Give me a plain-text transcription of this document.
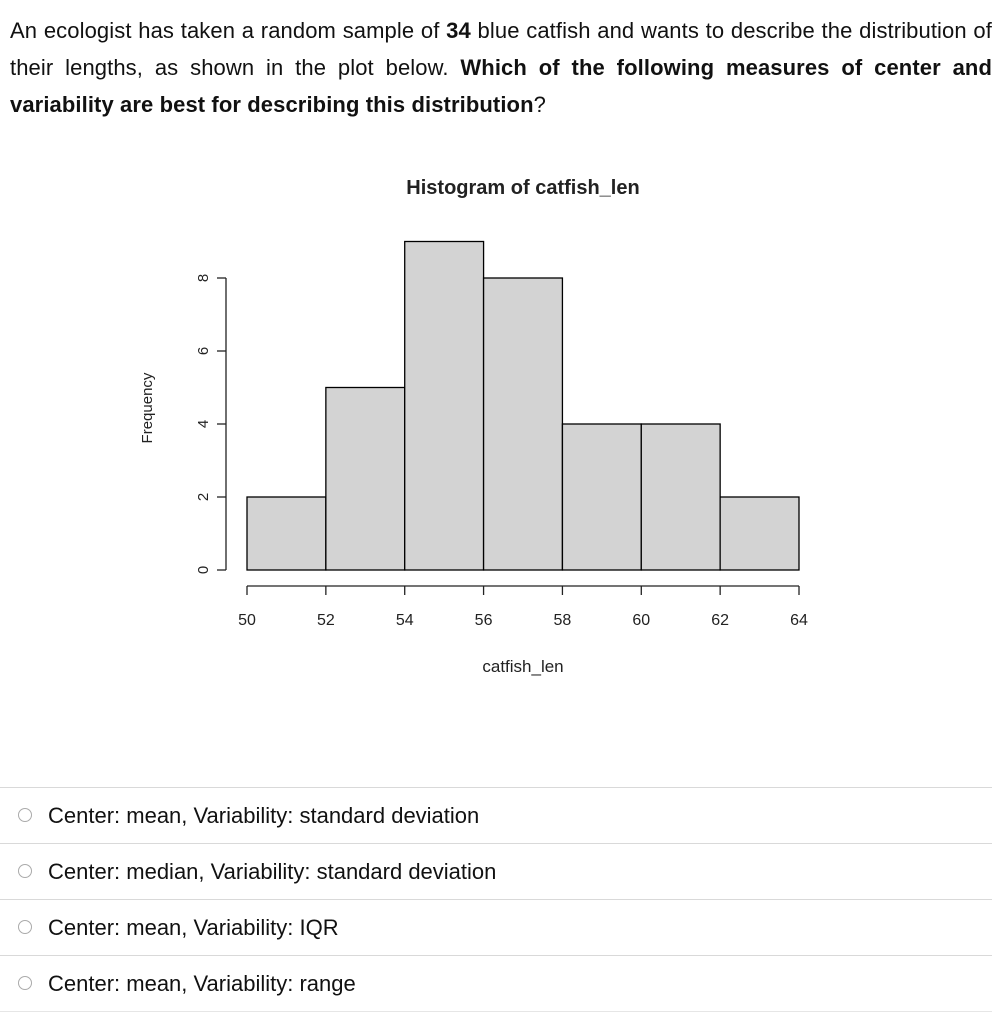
An ecologist has taken a random sample of 34 blue catfish and wants to describe the distribution of their lengths, as shown in the plot below. Which of the following measures of center and variability are best for describing this distribution?
Histogram of catfish_len
catfish_len
Frequency
50	52	54	56	58	60	62	64
0
2
4
6
8
Center: mean, Variability: standard deviation
Center: median, Variability: standard deviation
Center: mean, Variability: IQR
Center: mean, Variability: range
